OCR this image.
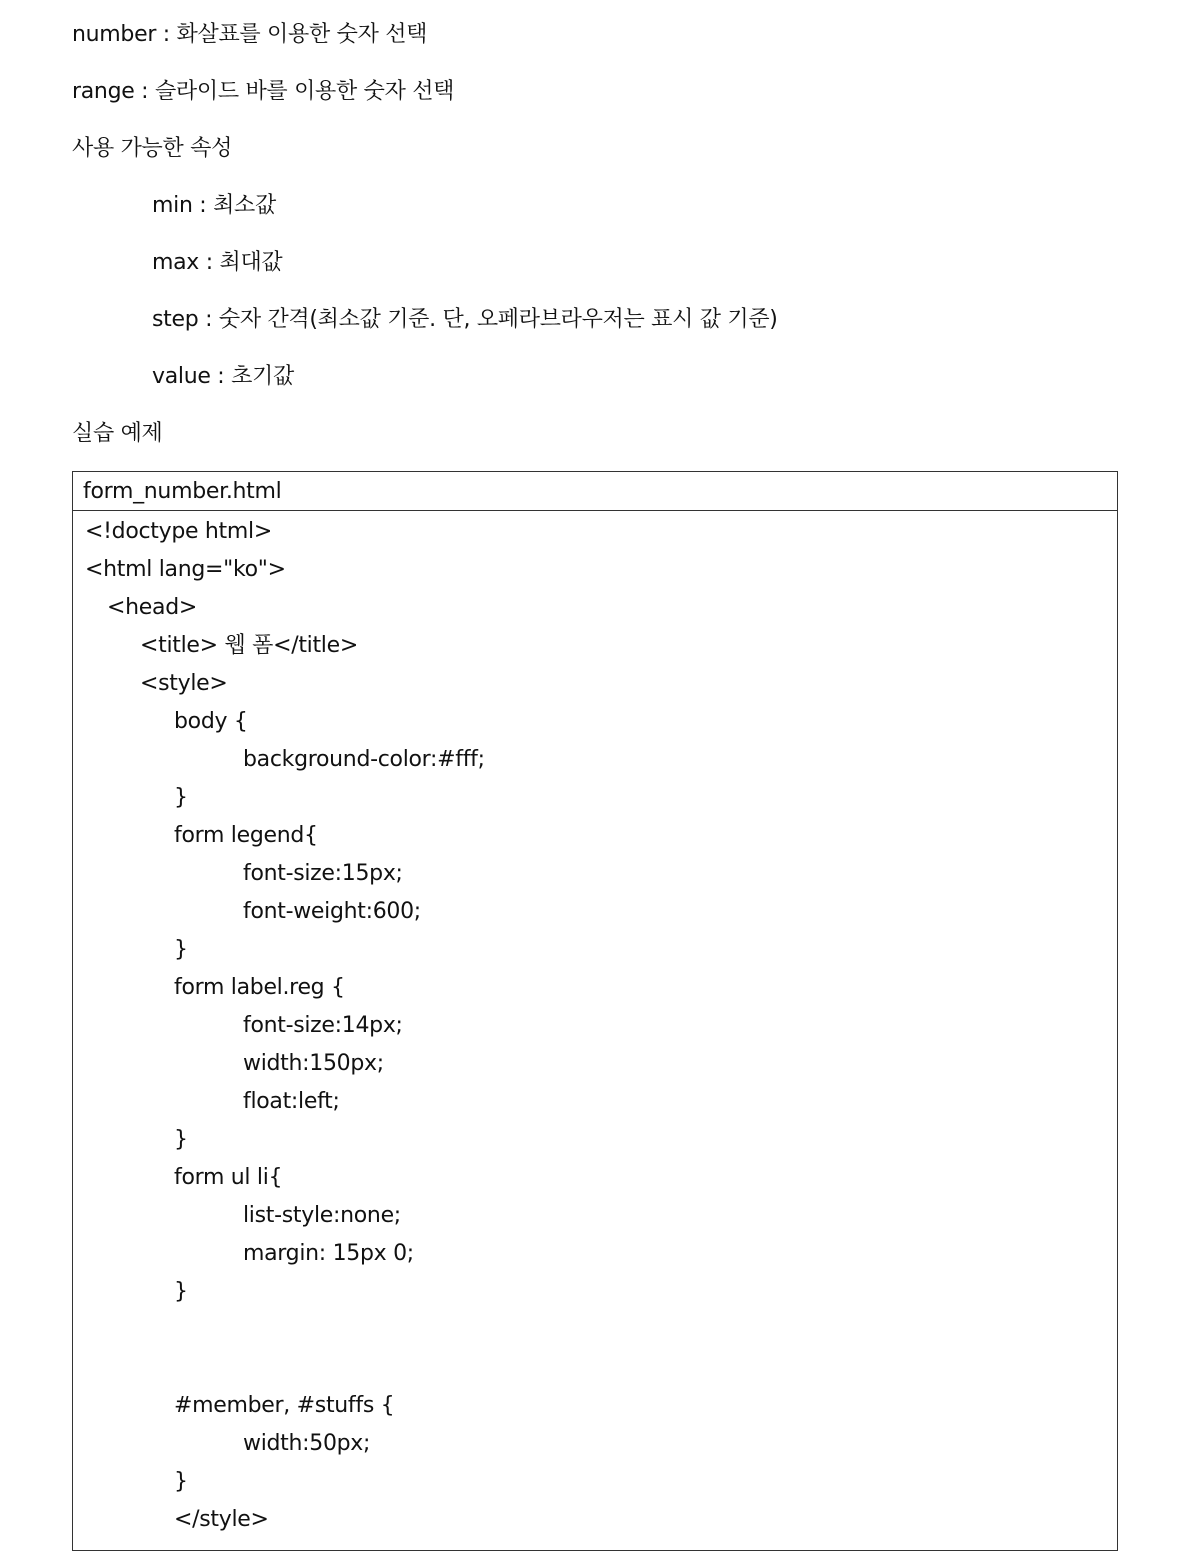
number : 화살표를 이용한 숫자 선택
range : 슬라이드 바를 이용한 숫자 선택
사용 가능한 속성
min : 최소값
max : 최대값
step : 숫자 간격(최소값 기준. 단, 오페라브라우저는 표시 값 기준)
value : 초기값
실습 예제
form_number.html
<!doctype html>
<html lang="ko">
<head>
<title> 웹 폼</title>
<style>
body {
background-color:#fff;
}
form legend{
font-size:15px;
font-weight:600;
}
form label.reg {
font-size:14px;
width:150px;
float:left;
}
form ul li{
list-style:none;
margin: 15px 0;
}
#member, #stuffs {
width:50px;
}
</style>
